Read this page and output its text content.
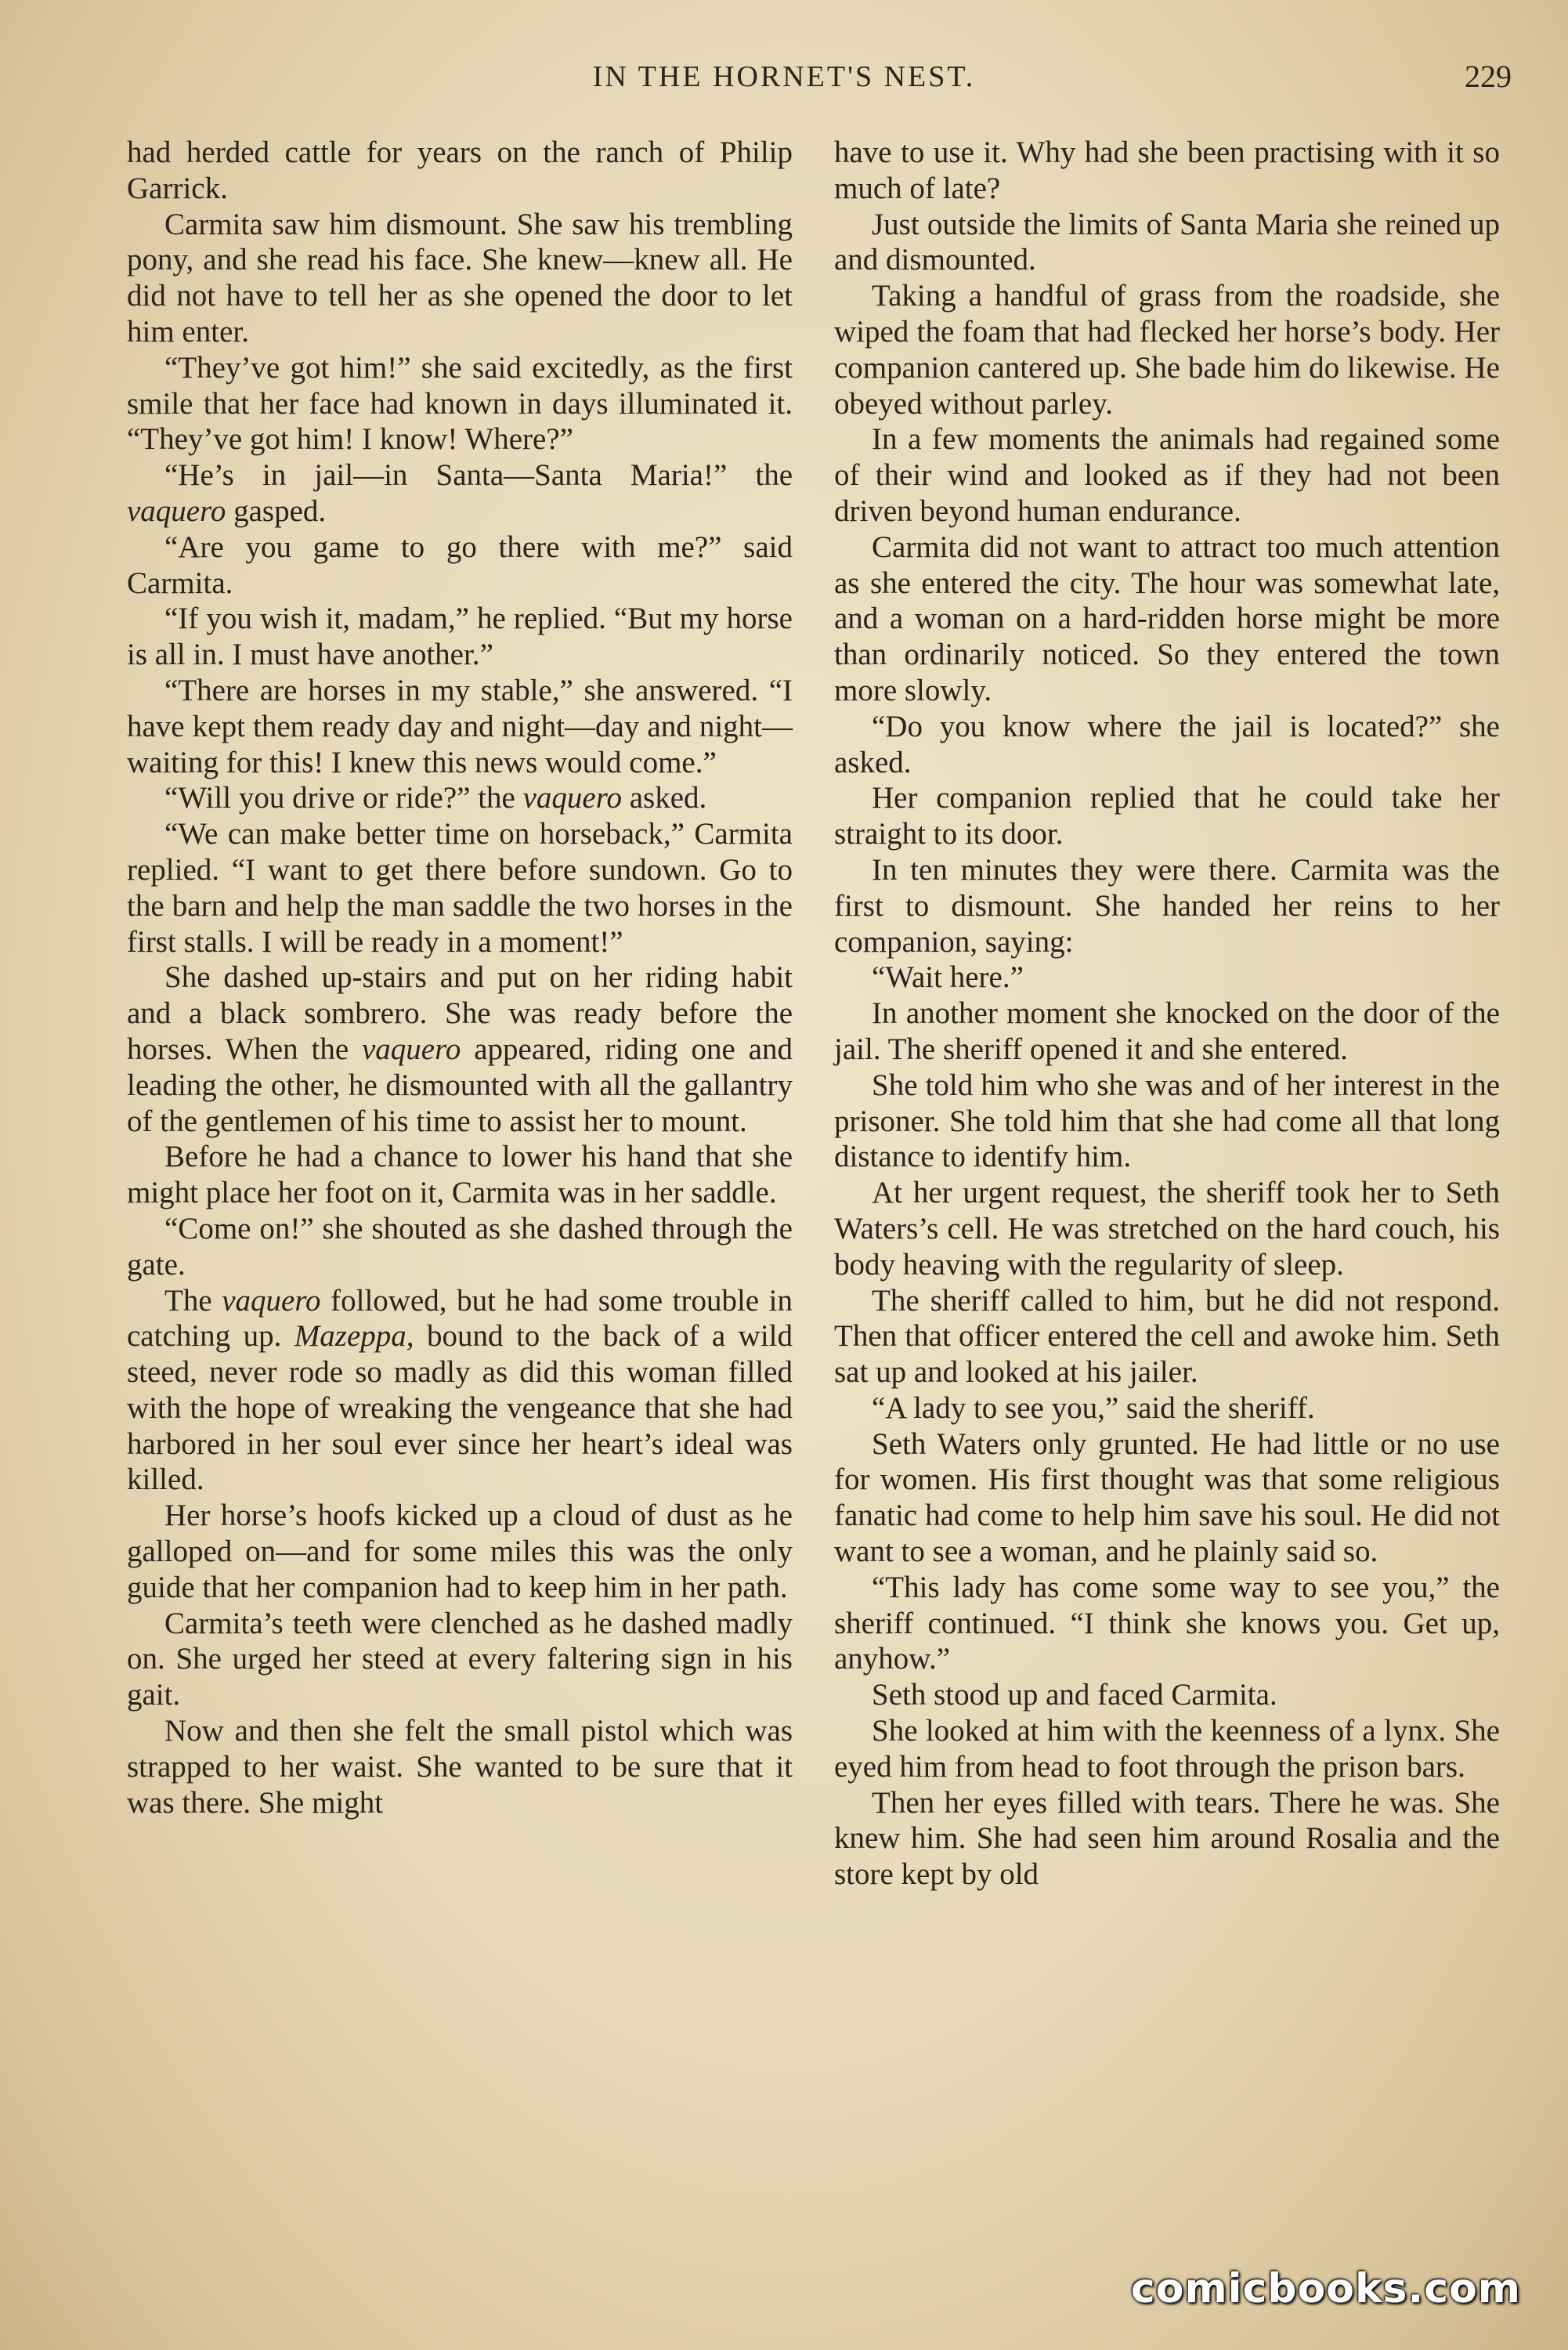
IN THE HORNET'S NEST.	229

had herded cattle for years on the ranch of Philip Garrick.

Carmita saw him dismount. She saw his trembling pony, and she read his face. She knew—knew all. He did not have to tell her as she opened the door to let him enter.

“They’ve got him!” she said excitedly, as the first smile that her face had known in days illuminated it. “They’ve got him! I know! Where?”

“He’s in jail—in Santa—Santa Maria!” the vaquero gasped.

“Are you game to go there with me?” said Carmita.

“If you wish it, madam,” he replied. “But my horse is all in. I must have another.”

“There are horses in my stable,” she answered. “I have kept them ready day and night—day and night—waiting for this! I knew this news would come.”

“Will you drive or ride?” the vaquero asked.

“We can make better time on horseback,” Carmita replied. “I want to get there before sundown. Go to the barn and help the man saddle the two horses in the first stalls. I will be ready in a moment!”

She dashed up-stairs and put on her riding habit and a black sombrero. She was ready before the horses. When the vaquero appeared, riding one and leading the other, he dismounted with all the gallantry of the gentlemen of his time to assist her to mount.

Before he had a chance to lower his hand that she might place her foot on it, Carmita was in her saddle.

“Come on!” she shouted as she dashed through the gate.

The vaquero followed, but he had some trouble in catching up. Mazeppa, bound to the back of a wild steed, never rode so madly as did this woman filled with the hope of wreaking the vengeance that she had harbored in her soul ever since her heart’s ideal was killed.

Her horse’s hoofs kicked up a cloud of dust as he galloped on—and for some miles this was the only guide that her companion had to keep him in her path.

Carmita’s teeth were clenched as he dashed madly on. She urged her steed at every faltering sign in his gait.

Now and then she felt the small pistol which was strapped to her waist. She wanted to be sure that it was there. She might

have to use it. Why had she been practising with it so much of late?

Just outside the limits of Santa Maria she reined up and dismounted.

Taking a handful of grass from the roadside, she wiped the foam that had flecked her horse’s body. Her companion cantered up. She bade him do likewise. He obeyed without parley.

In a few moments the animals had regained some of their wind and looked as if they had not been driven beyond human endurance.

Carmita did not want to attract too much attention as she entered the city. The hour was somewhat late, and a woman on a hard-ridden horse might be more than ordinarily noticed. So they entered the town more slowly.

“Do you know where the jail is located?” she asked.

Her companion replied that he could take her straight to its door.

In ten minutes they were there. Carmita was the first to dismount. She handed her reins to her companion, saying:

“Wait here.”

In another moment she knocked on the door of the jail. The sheriff opened it and she entered.

She told him who she was and of her interest in the prisoner. She told him that she had come all that long distance to identify him.

At her urgent request, the sheriff took her to Seth Waters’s cell. He was stretched on the hard couch, his body heaving with the regularity of sleep.

The sheriff called to him, but he did not respond. Then that officer entered the cell and awoke him. Seth sat up and looked at his jailer.

“A lady to see you,” said the sheriff.

Seth Waters only grunted. He had little or no use for women. His first thought was that some religious fanatic had come to help him save his soul. He did not want to see a woman, and he plainly said so.

“This lady has come some way to see you,” the sheriff continued. “I think she knows you. Get up, anyhow.”

Seth stood up and faced Carmita.

She looked at him with the keenness of a lynx. She eyed him from head to foot through the prison bars.

Then her eyes filled with tears. There he was. She knew him. She had seen him around Rosalia and the store kept by old

comicbooks.com
